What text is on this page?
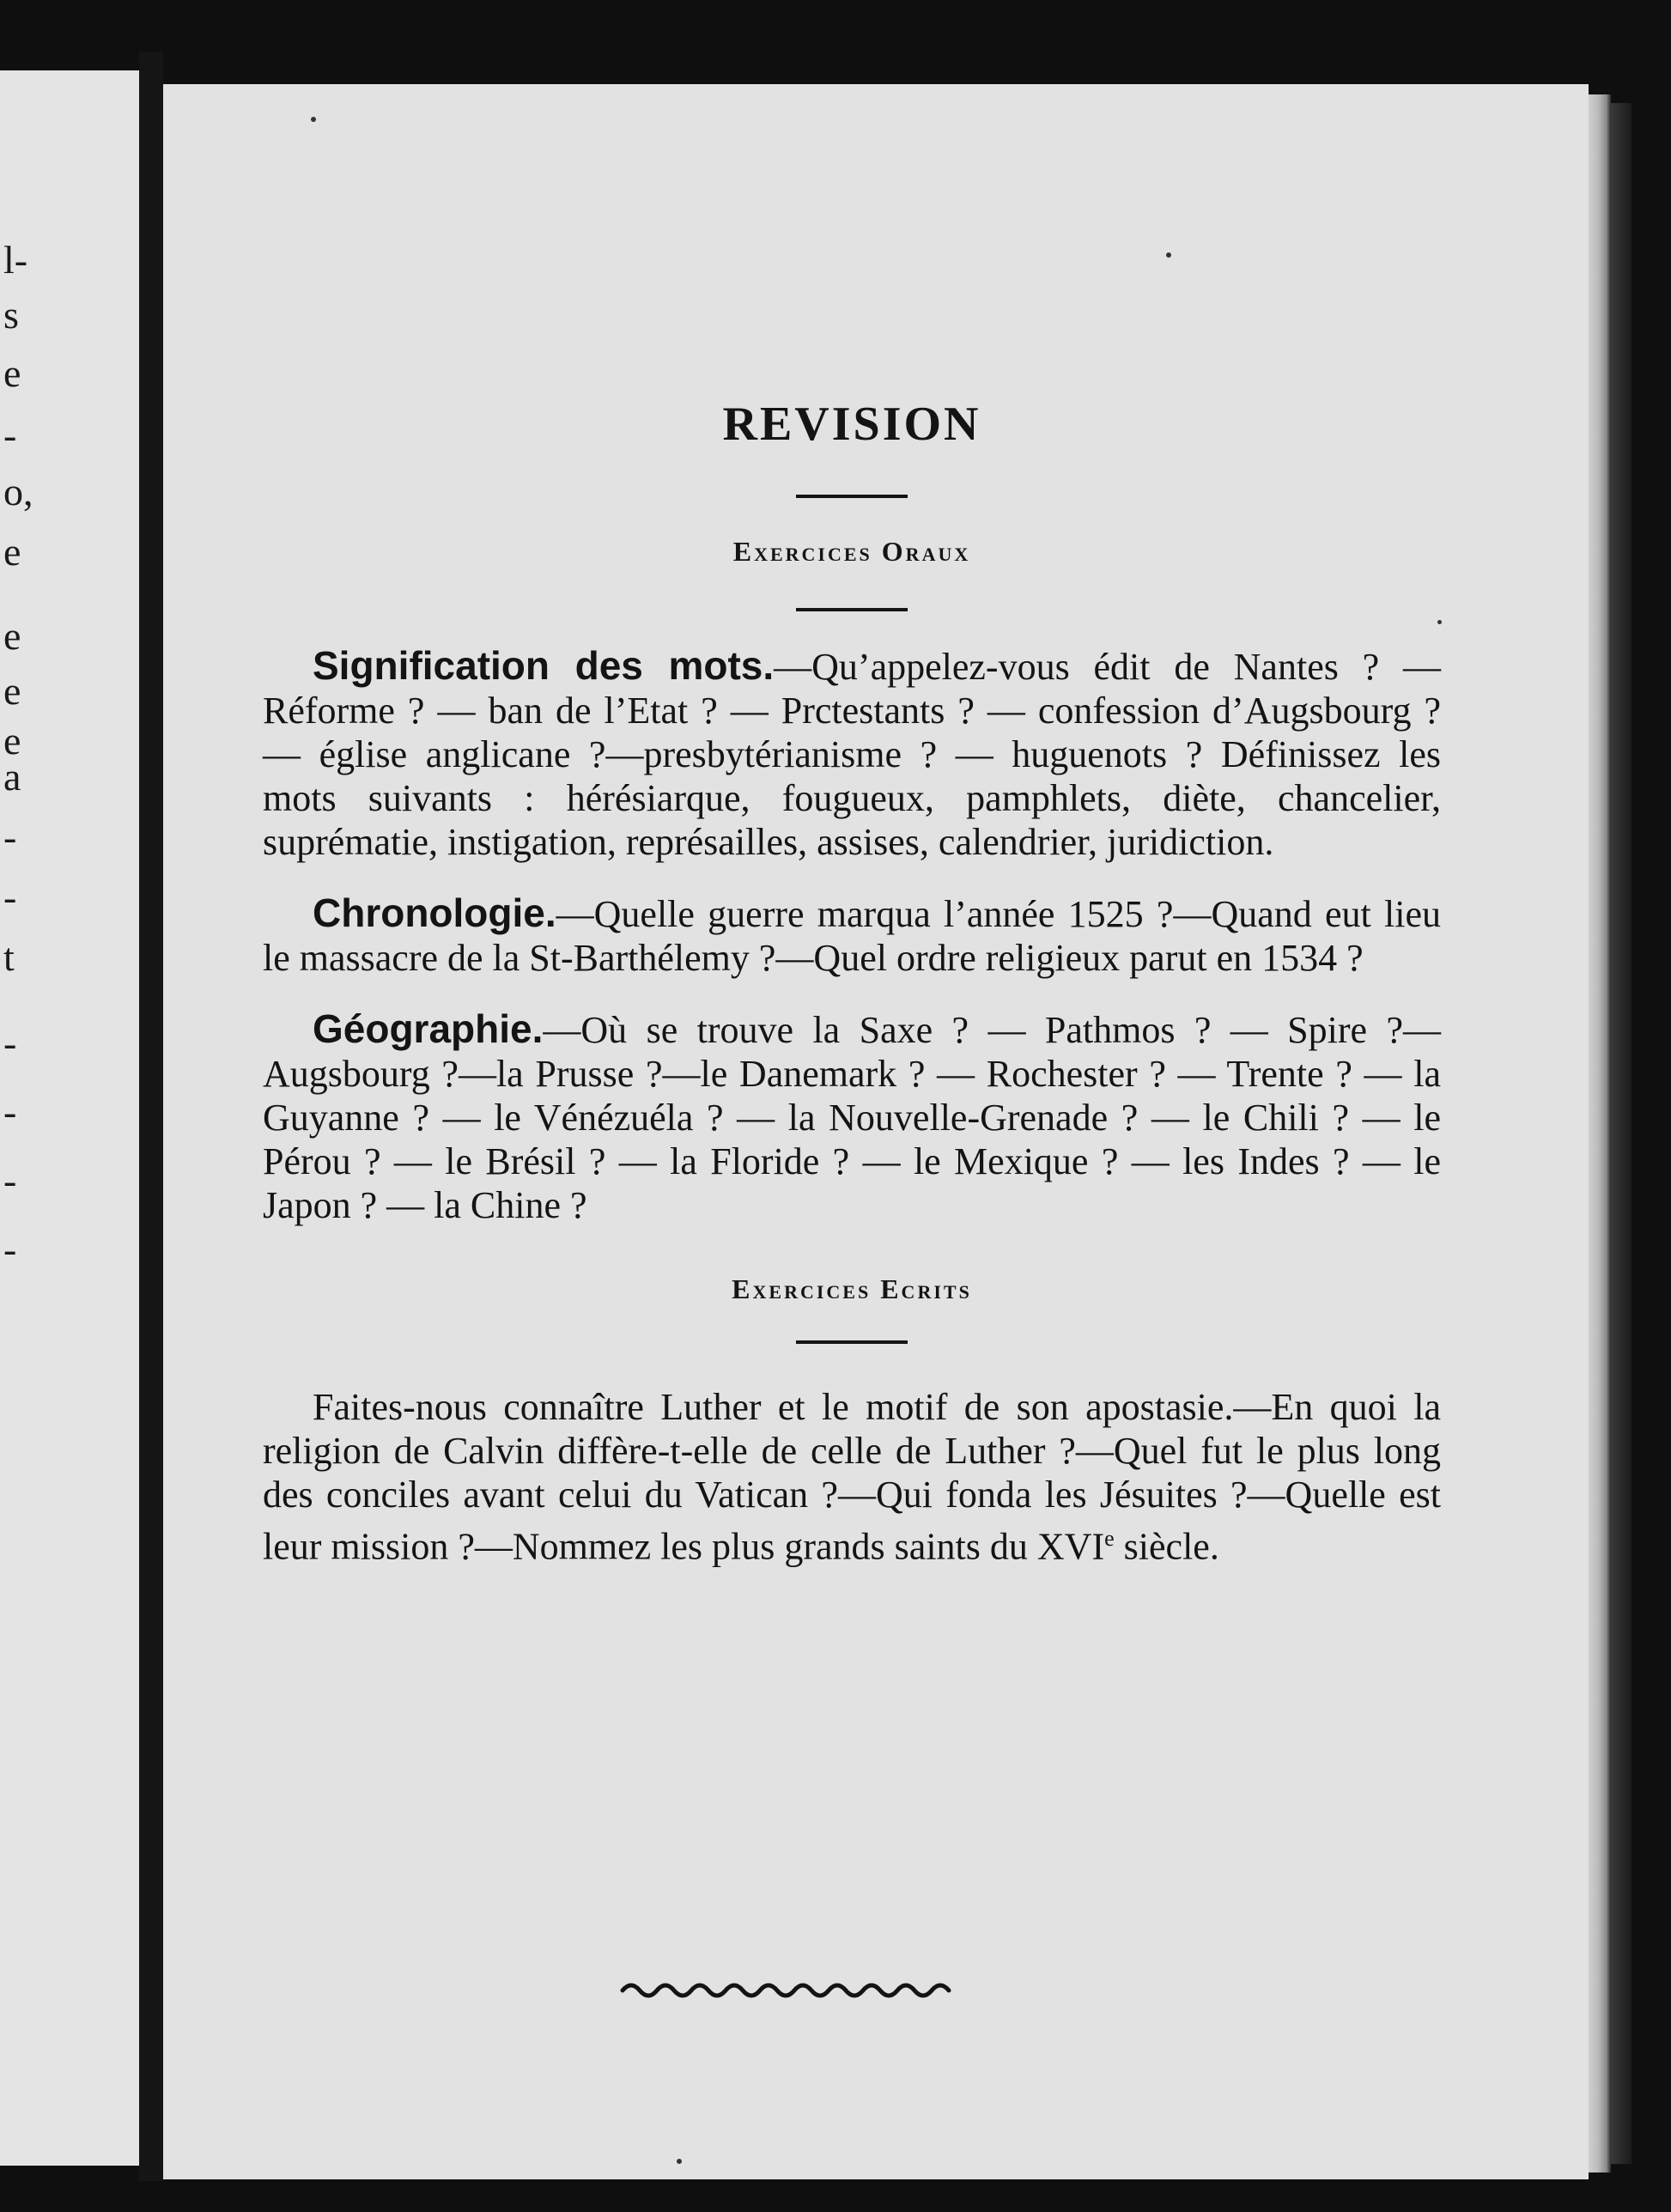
l-
s
e
-
o,
e
e
e
e
a
-
-
t
-
-
-
-
REVISION
Exercices Oraux

Signification des mots.—Qu’appelez-vous édit de Nantes ? — Réforme ? — ban de l’Etat ? — Prctestants ? — confession d’Augsbourg ? — église anglicane ?—presbytérianisme ? — huguenots ? Définissez les mots suivants : hérésiarque, fougueux, pamphlets, diète, chancelier, suprématie, instigation, représailles, assises, calendrier, juridiction.

Chronologie.—Quelle guerre marqua l’année 1525 ?—Quand eut lieu le massacre de la St-Barthélemy ?—Quel ordre religieux parut en 1534 ?

Géographie.—Où se trouve la Saxe ? — Pathmos ? — Spire ?—Augsbourg ?—la Prusse ?—le Danemark ? — Rochester ? — Trente ? — la Guyanne ? — le Vénézuéla ? — la Nouvelle-Grenade ? — le Chili ? — le Pérou ? — le Brésil ? — la Floride ? — le Mexique ? — les Indes ? — le Japon ? — la Chine ?

Exercices Ecrits

Faites-nous connaître Luther et le motif de son apostasie.—En quoi la religion de Calvin diffère-t-elle de celle de Luther ?—Quel fut le plus long des conciles avant celui du Vatican ?—Qui fonda les Jésuites ?—Quelle est leur mission ?—Nommez les plus grands saints du XVIe siècle.
